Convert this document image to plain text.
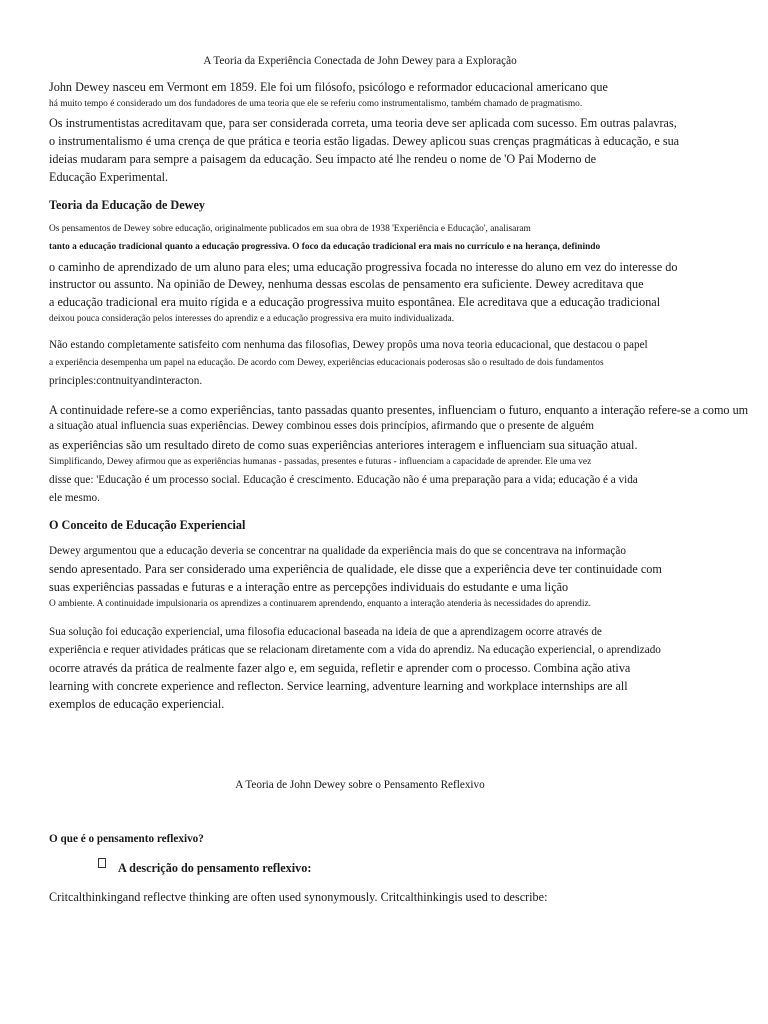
A Teoria da Experiência Conectada de John Dewey para a Exploração
John Dewey nasceu em Vermont em 1859. Ele foi um filósofo, psicólogo e reformador educacional americano que
há muito tempo é considerado um dos fundadores de uma teoria que ele se referiu como instrumentalismo, também chamado de pragmatismo.
Os instrumentistas acreditavam que, para ser considerada correta, uma teoria deve ser aplicada com sucesso. Em outras palavras,
o instrumentalismo é uma crença de que prática e teoria estão ligadas. Dewey aplicou suas crenças pragmáticas à educação, e sua
ideias mudaram para sempre a paisagem da educação. Seu impacto até lhe rendeu o nome de 'O Pai Moderno de
Educação Experimental.
Teoria da Educação de Dewey
Os pensamentos de Dewey sobre educação, originalmente publicados em sua obra de 1938 'Experiência e Educação', analisaram
tanto a educação tradicional quanto a educação progressiva. O foco da educação tradicional era mais no currículo e na herança, definindo
o caminho de aprendizado de um aluno para eles; uma educação progressiva focada no interesse do aluno em vez do interesse do
instructor ou assunto. Na opinião de Dewey, nenhuma dessas escolas de pensamento era suficiente. Dewey acreditava que
a educação tradicional era muito rígida e a educação progressiva muito espontânea. Ele acreditava que a educação tradicional
deixou pouca consideração pelos interesses do aprendiz e a educação progressiva era muito individualizada.
Não estando completamente satisfeito com nenhuma das filosofias, Dewey propôs uma nova teoria educacional, que destacou o papel
a experiência desempenha um papel na educação. De acordo com Dewey, experiências educacionais poderosas são o resultado de dois fundamentos
principles:contnuityandinteracton.
A continuidade refere-se a como experiências, tanto passadas quanto presentes, influenciam o futuro, enquanto a interação refere-se a como um
a situação atual influencia suas experiências. Dewey combinou esses dois princípios, afirmando que o presente de alguém
as experiências são um resultado direto de como suas experiências anteriores interagem e influenciam sua situação atual.
Simplificando, Dewey afirmou que as experiências humanas - passadas, presentes e futuras - influenciam a capacidade de aprender. Ele uma vez
disse que: 'Educação é um processo social. Educação é crescimento. Educação não é uma preparação para a vida; educação é a vida
ele mesmo.
O Conceito de Educação Experiencial
Dewey argumentou que a educação deveria se concentrar na qualidade da experiência mais do que se concentrava na informação
sendo apresentado. Para ser considerado uma experiência de qualidade, ele disse que a experiência deve ter continuidade com
suas experiências passadas e futuras e a interação entre as percepções individuais do estudante e uma lição
O ambiente. A continuidade impulsionaria os aprendizes a continuarem aprendendo, enquanto a interação atenderia às necessidades do aprendiz.
Sua solução foi educação experiencial, uma filosofia educacional baseada na ideia de que a aprendizagem ocorre através de
experiência e requer atividades práticas que se relacionam diretamente com a vida do aprendiz. Na educação experiencial, o aprendizado
ocorre através da prática de realmente fazer algo e, em seguida, refletir e aprender com o processo. Combina ação ativa
learning with concrete experience and reflecton. Service learning, adventure learning and workplace internships are all
exemplos de educação experiencial.
A Teoria de John Dewey sobre o Pensamento Reflexivo
O que é o pensamento reflexivo?
A descrição do pensamento reflexivo:
Critcalthinkingand reflectve thinking are often used synonymously. Critcalthinkingis used to describe:
